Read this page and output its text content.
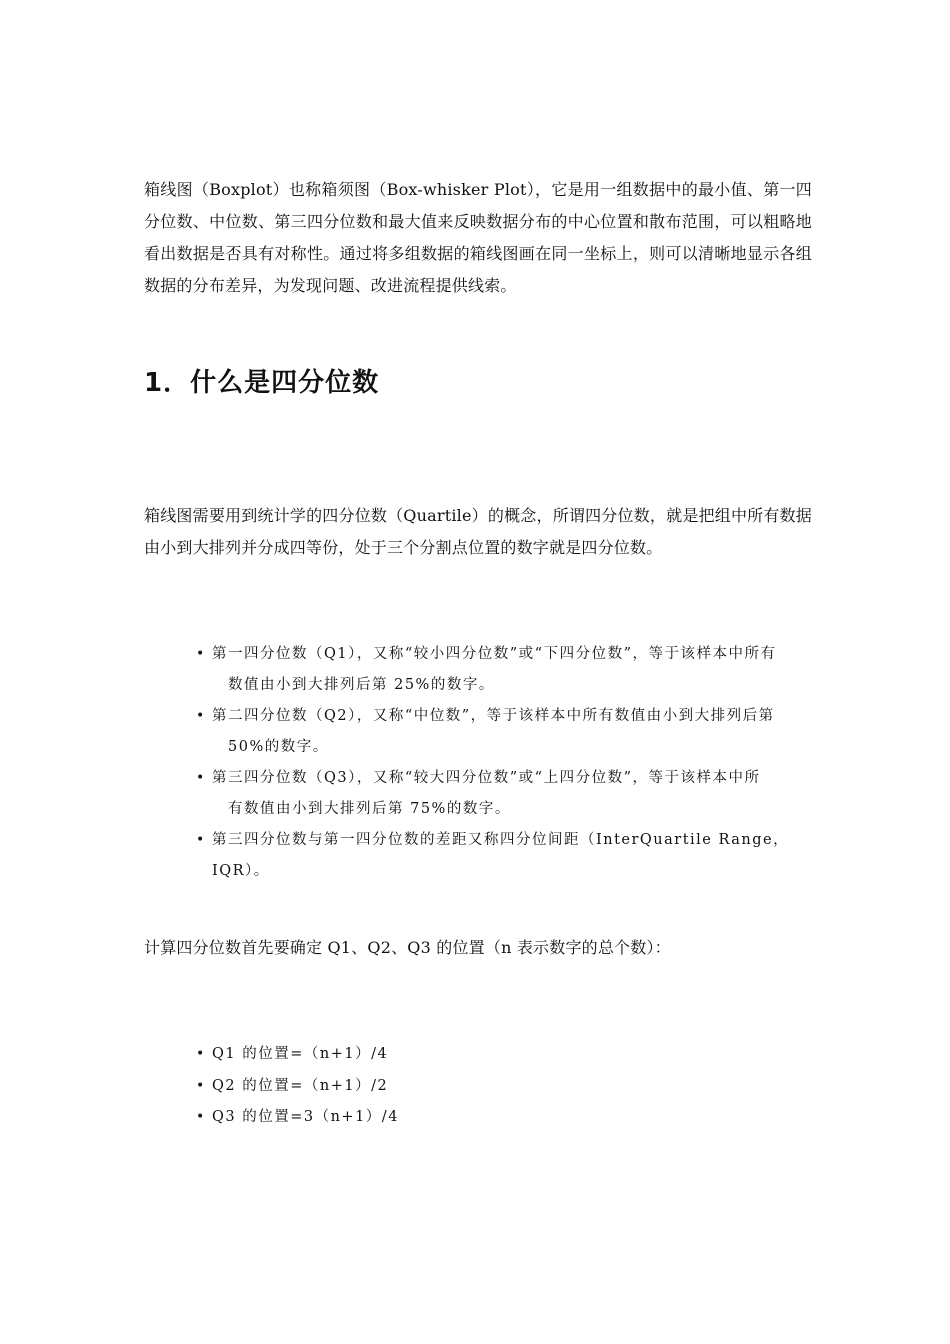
箱线图（Boxplot）也称箱须图（Box-whisker Plot），它是用一组数据中的最小值、第一四分位数、中位数、第三四分位数和最大值来反映数据分布的中心位置和散布范围，可以粗略地看出数据是否具有对称性。通过将多组数据的箱线图画在同一坐标上，则可以清晰地显示各组数据的分布差异，为发现问题、改进流程提供线索。

1．什么是四分位数

箱线图需要用到统计学的四分位数（Quartile）的概念，所谓四分位数，就是把组中所有数据由小到大排列并分成四等份，处于三个分割点位置的数字就是四分位数。

• 第一四分位数（Q1），又称“较小四分位数”或“下四分位数”，等于该样本中所有
数值由小到大排列后第 25%的数字。
• 第二四分位数（Q2），又称“中位数”，等于该样本中所有数值由小到大排列后第
50%的数字。
• 第三四分位数（Q3），又称“较大四分位数”或“上四分位数”，等于该样本中所
有数值由小到大排列后第 75%的数字。
• 第三四分位数与第一四分位数的差距又称四分位间距（InterQuartile Range，IQR）。

计算四分位数首先要确定 Q1、Q2、Q3 的位置（n 表示数字的总个数）：

• Q1 的位置=（n+1）/4
• Q2 的位置=（n+1）/2
• Q3 的位置=3（n+1）/4
